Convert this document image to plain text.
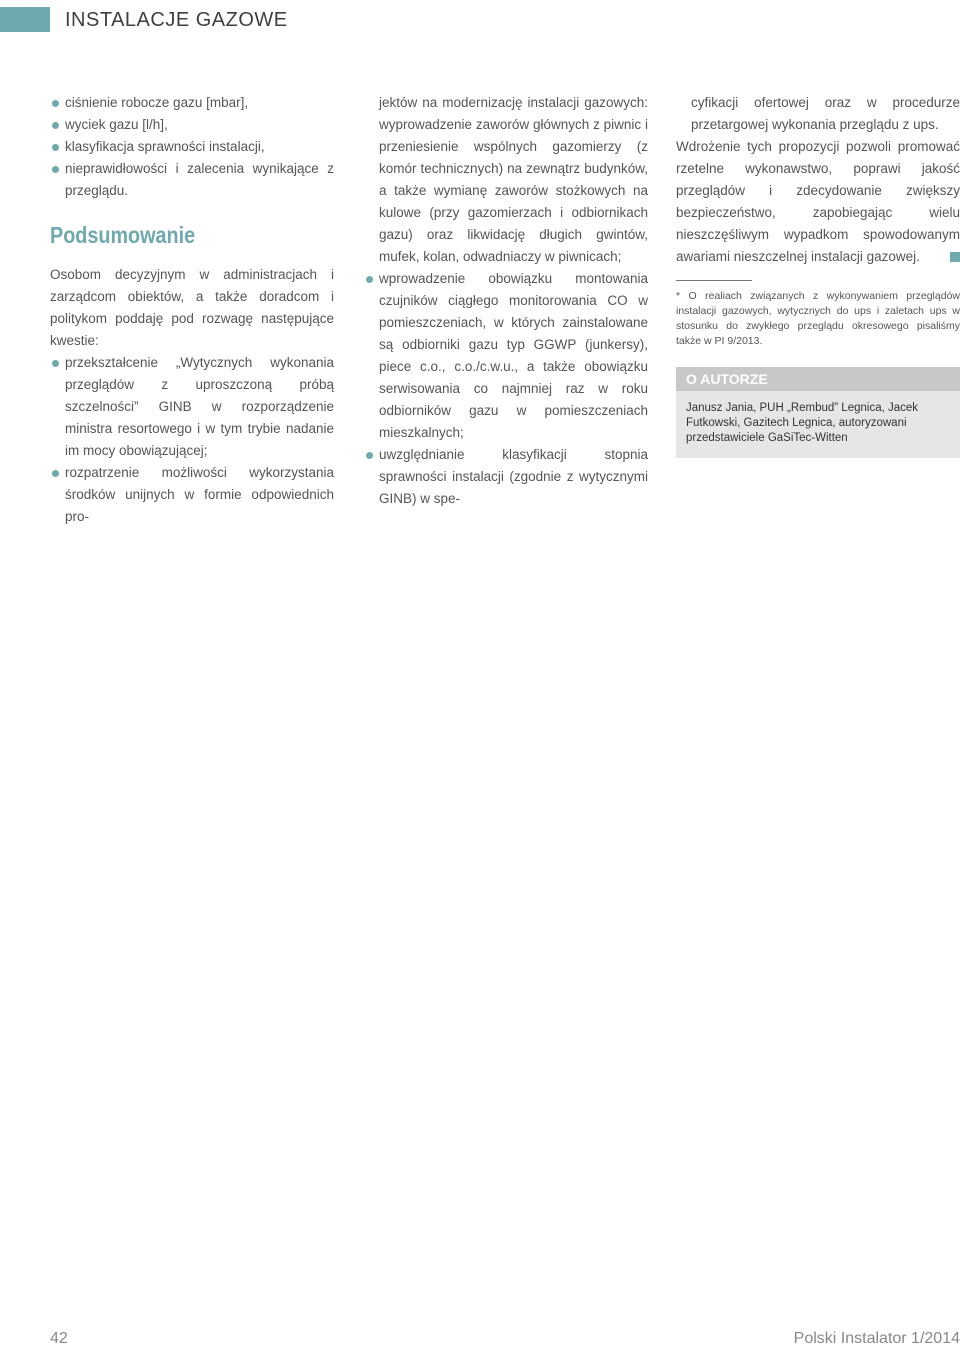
INSTALACJE GAZOWE
ciśnienie robocze gazu [mbar],
wyciek gazu [l/h],
klasyfikacja sprawności instalacji,
nieprawidłowości i zalecenia wynikające z przeglądu.
Podsumowanie
Osobom decyzyjnym w administracjach i zarządcom obiektów, a także doradcom i politykom poddaję pod rozwagę następujące kwestie:
przekształcenie „Wytycznych wykonania przeglądów z uproszczoną próbą szczelności” GINB w rozporządzenie ministra resortowego i w tym trybie nadanie im mocy obowiązującej;
rozpatrzenie możliwości wykorzystania środków unijnych w formie odpowiednich pro-
jektów na modernizację instalacji gazowych: wyprowadzenie zaworów głównych z piwnic i przeniesienie wspólnych gazomierzy (z komór technicznych) na zewnątrz budynków, a także wymianę zaworów stożkowych na kulowe (przy gazomierzach i odbiornikach gazu) oraz likwidację długich gwintów, mufek, kolan, odwadniaczy w piwnicach;
wprowadzenie obowiązku montowania czujników ciągłego monitorowania CO w pomieszczeniach, w których zainstalowane są odbiorniki gazu typ GGWP (junkersy), piece c.o., c.o./c.w.u., a także obowiązku serwisowania co najmniej raz w roku odbiorników gazu w pomieszczeniach mieszkalnych;
uwzględnianie klasyfikacji stopnia sprawności instalacji (zgodnie z wytycznymi GINB) w spe-
cyfikacji ofertowej oraz w procedurze przetargowej wykonania przeglądu z ups.
Wdrożenie tych propozycji pozwoli promować rzetelne wykonawstwo, poprawi jakość przeglądów i zdecydowanie zwiększy bezpieczeństwo, zapobiegając wielu nieszczęśliwym wypadkom spowodowanym awariami nieszczelnej instalacji gazowej.
* O realiach związanych z wykonywaniem przeglądów instalacji gazowych, wytycznych do ups i zaletach ups w stosunku do zwykłego przeglądu okresowego pisaliśmy także w PI 9/2013.
O AUTORZE
Janusz Jania, PUH „Rembud” Legnica, Jacek Futkowski, Gazitech Legnica, autoryzowani przedstawiciele GaSiTec-Witten
42	Polski Instalator 1/2014
